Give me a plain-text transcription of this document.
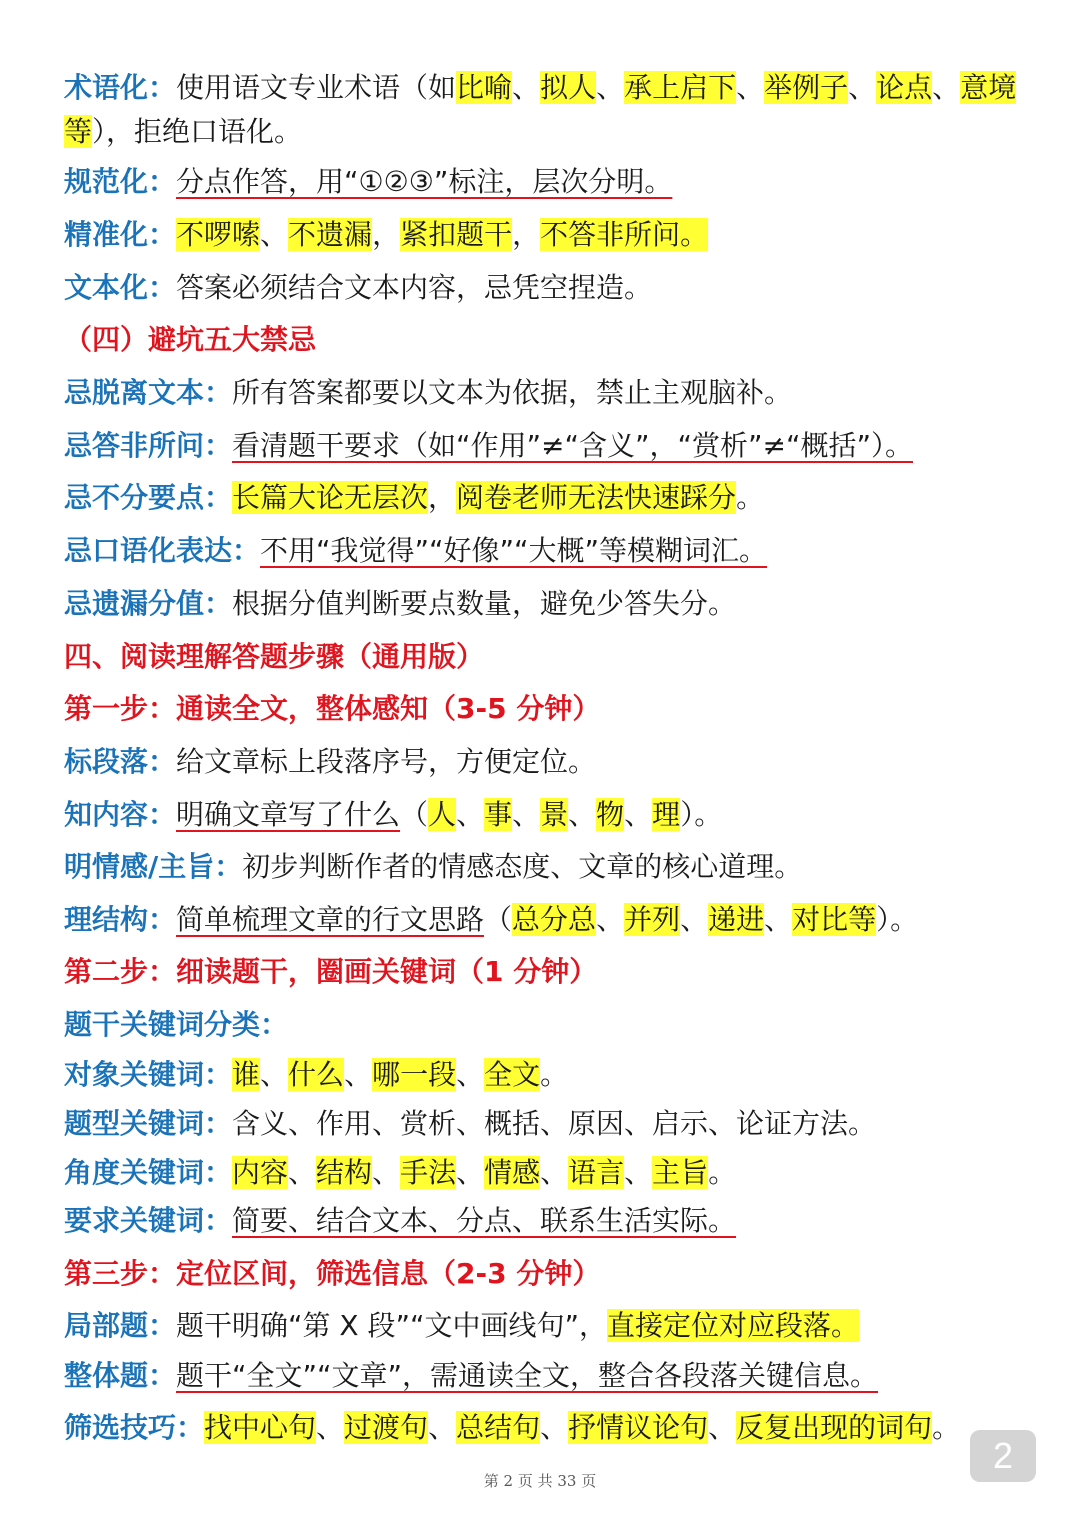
术语化：使用语文专业术语（如比喻、拟人、承上启下、举例子、论点、意境等），拒绝口语化。
规范化：分点作答，用“①②③”标注，层次分明。
精准化：不啰嗦、不遗漏，紧扣题干，不答非所问。
文本化：答案必须结合文本内容，忌凭空捏造。
（四）避坑五大禁忌
忌脱离文本：所有答案都要以文本为依据，禁止主观脑补。
忌答非所问：看清题干要求（如“作用”≠“含义”，“赏析”≠“概括”）。
忌不分要点：长篇大论无层次，阅卷老师无法快速踩分。
忌口语化表达：不用“我觉得”“好像”“大概”等模糊词汇。
忌遗漏分值：根据分值判断要点数量，避免少答失分。
四、阅读理解答题步骤（通用版）
第一步：通读全文，整体感知（3-5 分钟）
标段落：给文章标上段落序号，方便定位。
知内容：明确文章写了什么（人、事、景、物、理）。
明情感/主旨：初步判断作者的情感态度、文章的核心道理。
理结构：简单梳理文章的行文思路（总分总、并列、递进、对比等）。
第二步：细读题干，圈画关键词（1 分钟）
题干关键词分类：
对象关键词：谁、什么、哪一段、全文。
题型关键词：含义、作用、赏析、概括、原因、启示、论证方法。
角度关键词：内容、结构、手法、情感、语言、主旨。
要求关键词：简要、结合文本、分点、联系生活实际。
第三步：定位区间，筛选信息（2-3 分钟）
局部题：题干明确“第 X 段”“文中画线句”，直接定位对应段落。
整体题：题干“全文”“文章”，需通读全文，整合各段落关键信息。
筛选技巧：找中心句、过渡句、总结句、抒情议论句、反复出现的词句。
第 2 页 共 33 页
2
